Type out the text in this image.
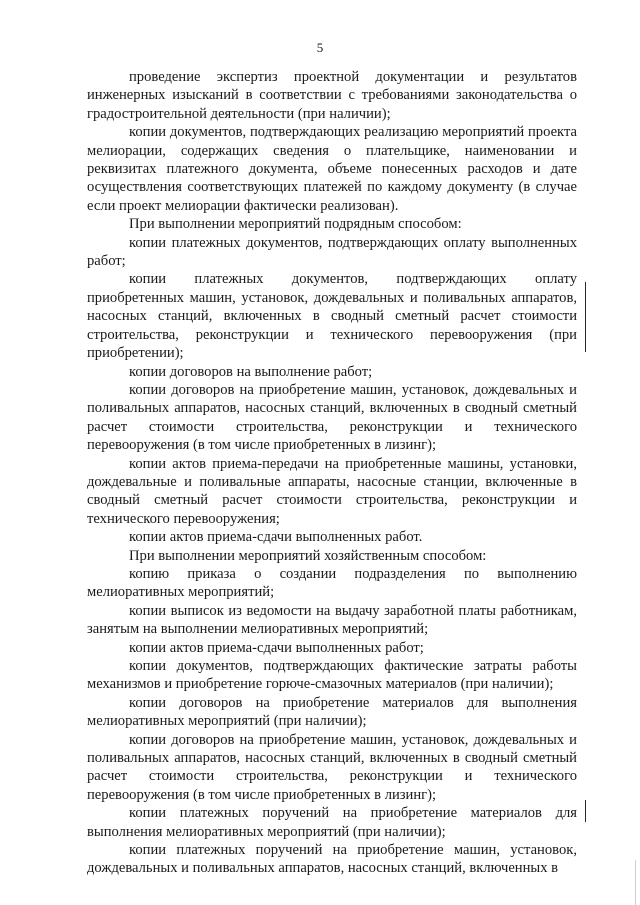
5

проведение экспертиз проектной документации и результатов инженерных изысканий в соответствии с требованиями законодательства о градостроительной деятельности (при наличии);

копии документов, подтверждающих реализацию мероприятий проекта мелиорации, содержащих сведения о плательщике, наименовании и реквизитах платежного документа, объеме понесенных расходов и дате осуществления соответствующих платежей по каждому документу (в случае если проект мелиорации фактически реализован).

При выполнении мероприятий подрядным способом:

копии платежных документов, подтверждающих оплату выполненных работ;

копии платежных документов, подтверждающих оплату приобретенных машин, установок, дождевальных и поливальных аппаратов, насосных станций, включенных в сводный сметный расчет стоимости строительства, реконструкции и технического перевооружения (при приобретении);

копии договоров на выполнение работ;

копии договоров на приобретение машин, установок, дождевальных и поливальных аппаратов, насосных станций, включенных в сводный сметный расчет стоимости строительства, реконструкции и технического перевооружения (в том числе приобретенных в лизинг);

копии актов приема-передачи на приобретенные машины, установки, дождевальные и поливальные аппараты, насосные станции, включенные в сводный сметный расчет стоимости строительства, реконструкции и технического перевооружения;

копии актов приема-сдачи выполненных работ.

При выполнении мероприятий хозяйственным способом:

копию приказа о создании подразделения по выполнению мелиоративных мероприятий;

копии выписок из ведомости на выдачу заработной платы работникам, занятым на выполнении мелиоративных мероприятий;

копии актов приема-сдачи выполненных работ;

копии документов, подтверждающих фактические затраты работы механизмов и приобретение горюче-смазочных материалов (при наличии);

копии договоров на приобретение материалов для выполнения мелиоративных мероприятий (при наличии);

копии договоров на приобретение машин, установок, дождевальных и поливальных аппаратов, насосных станций, включенных в сводный сметный расчет стоимости строительства, реконструкции и технического перевооружения (в том числе приобретенных в лизинг);

копии платежных поручений на приобретение материалов для выполнения мелиоративных мероприятий (при наличии);

копии платежных поручений на приобретение машин, установок, дождевальных и поливальных аппаратов, насосных станций, включенных в
